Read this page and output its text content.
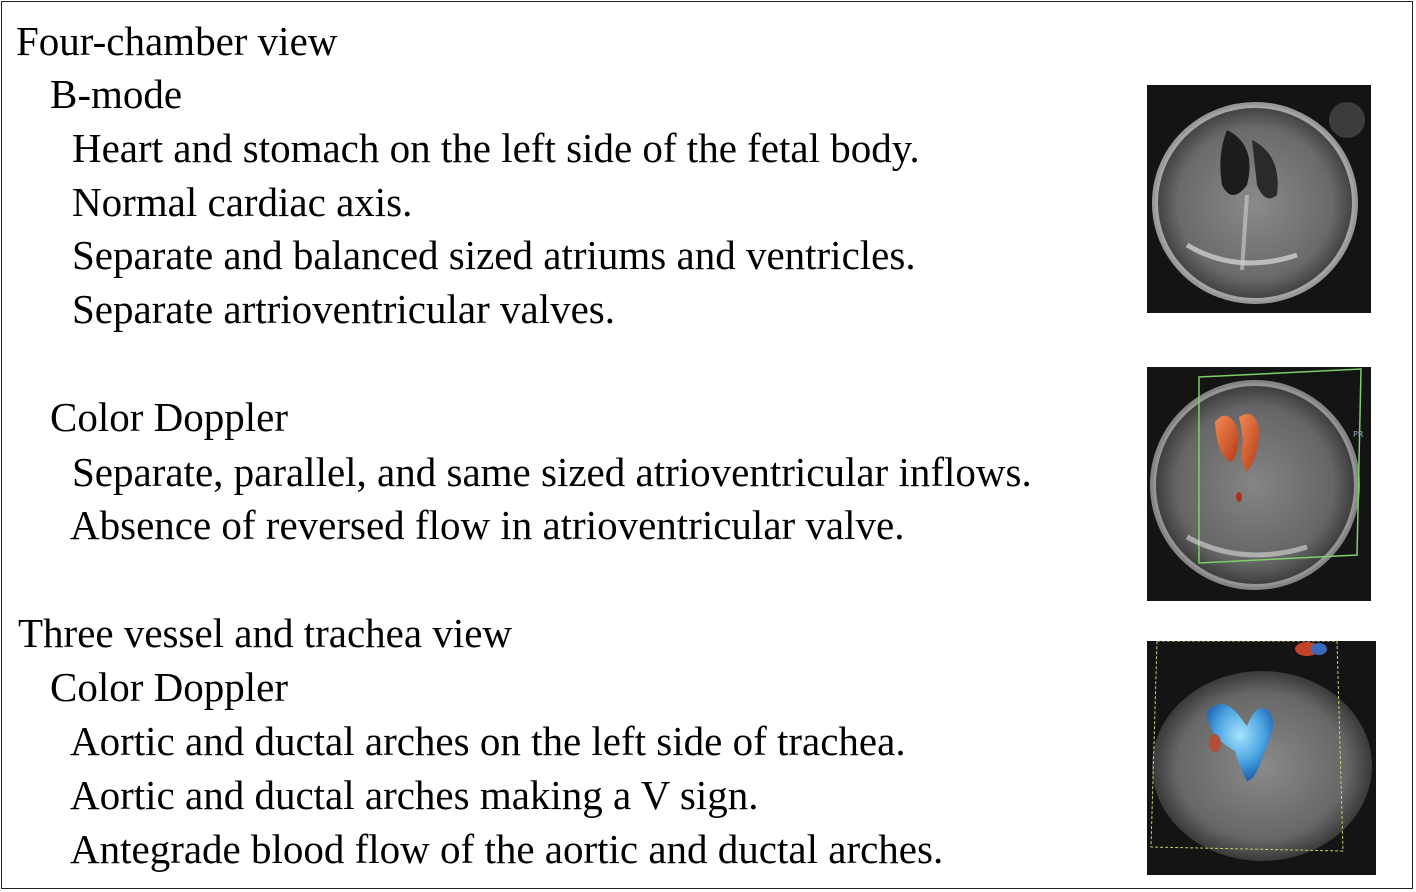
Four-chamber view
B-mode
Heart and stomach on the left side of the fetal body.
Normal cardiac axis.
Separate and balanced sized atriums and ventricles.
Separate artrioventricular valves.
Color Doppler
Separate, parallel, and same sized atrioventricular inflows.
Absence of reversed flow in atrioventricular valve.
Three vessel and trachea view
Color Doppler
Aortic and ductal arches on the left side of trachea.
Aortic and ductal arches making a V sign.
Antegrade blood flow of the aortic and ductal arches.
PR
